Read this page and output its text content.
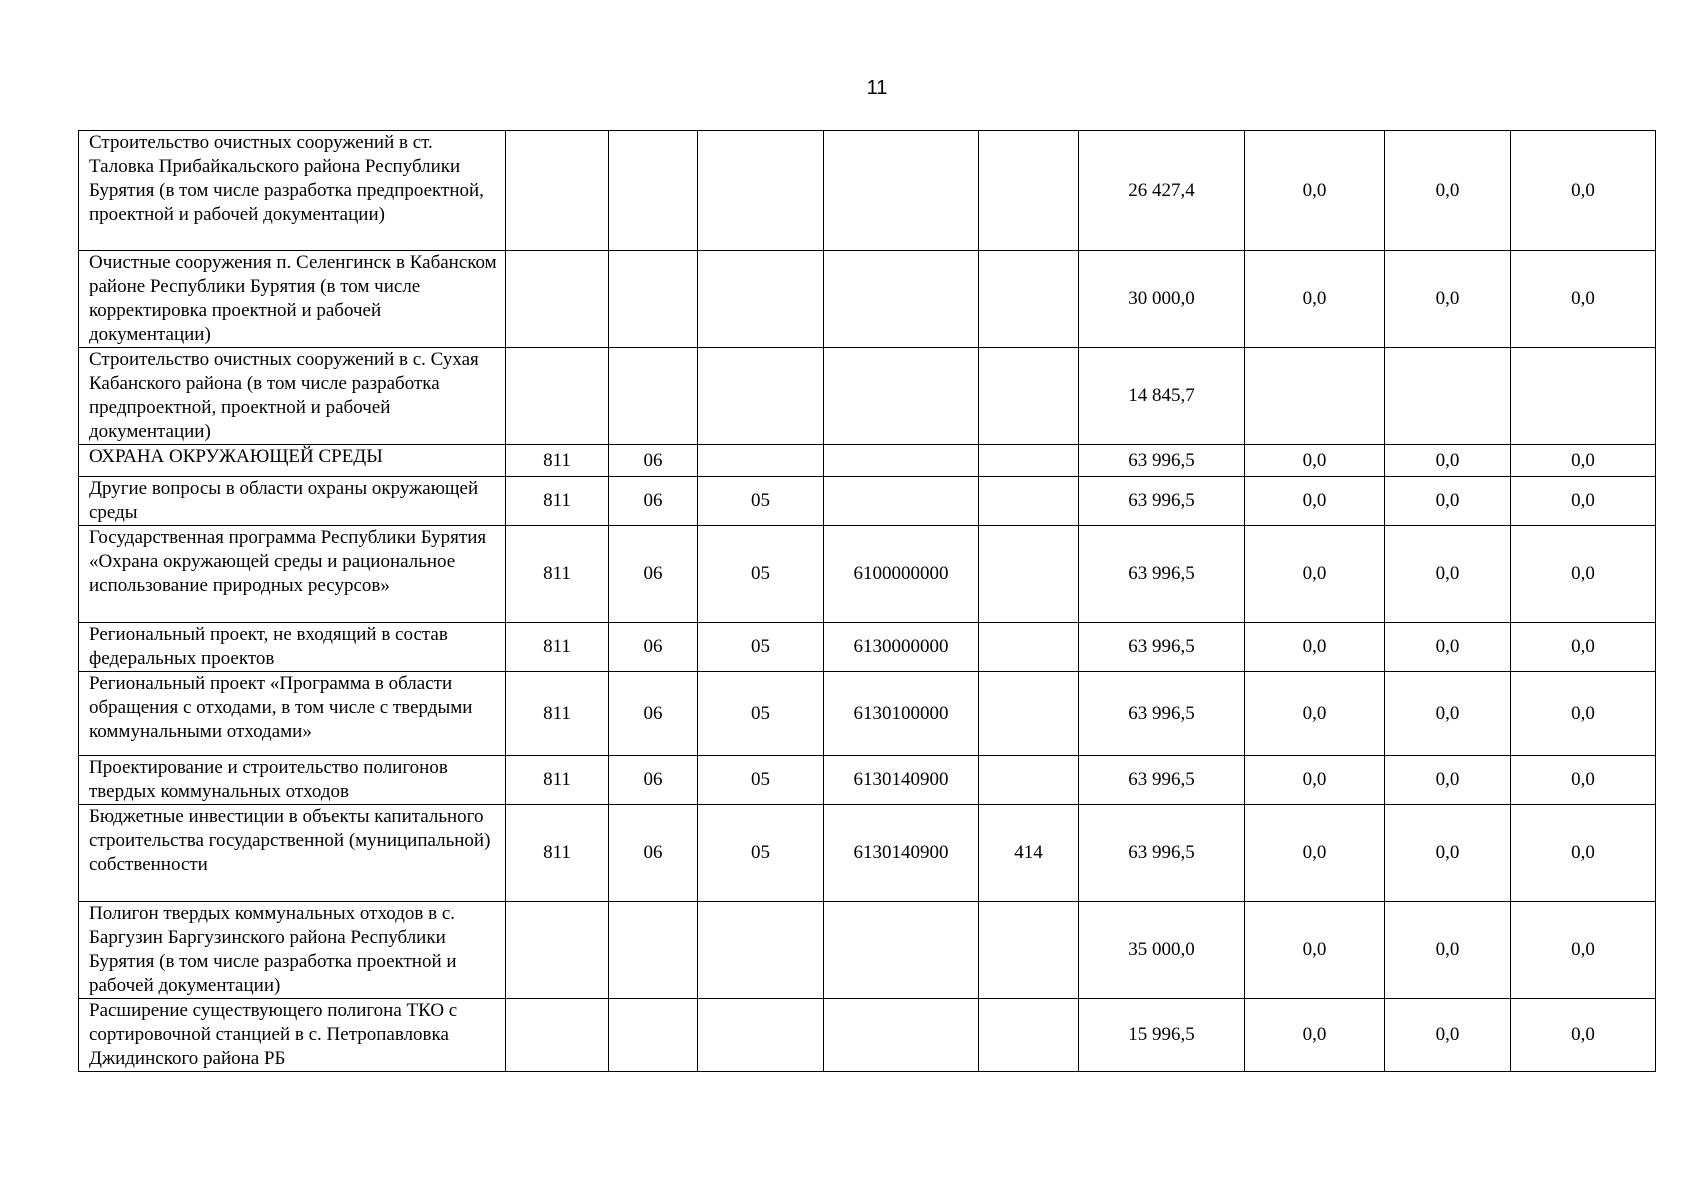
11
Строительство очистных сооружений в ст. Таловка Прибайкальского района Республики Бурятия (в том числе разработка предпроектной, проектной и рабочей документации)						26 427,4	0,0	0,0	0,0
Очистные сооружения п. Селенгинск в Кабанском районе Республики Бурятия (в том числе корректировка проектной и рабочей документации)						30 000,0	0,0	0,0	0,0
Строительство очистных сооружений в с. Сухая Кабанского района (в том числе разработка предпроектной, проектной и рабочей документации)						14 845,7			
ОХРАНА ОКРУЖАЮЩЕЙ СРЕДЫ	811	06				63 996,5	0,0	0,0	0,0
Другие вопросы в области охраны окружающей среды	811	06	05			63 996,5	0,0	0,0	0,0
Государственная программа Республики Бурятия «Охрана окружающей среды и рациональное использование природных ресурсов»	811	06	05	6100000000		63 996,5	0,0	0,0	0,0
Региональный проект, не входящий в состав федеральных проектов	811	06	05	6130000000		63 996,5	0,0	0,0	0,0
Региональный проект «Программа в области обращения с отходами, в том числе с твердыми коммунальными отходами»	811	06	05	6130100000		63 996,5	0,0	0,0	0,0
Проектирование и строительство полигонов твердых коммунальных отходов	811	06	05	6130140900		63 996,5	0,0	0,0	0,0
Бюджетные инвестиции в объекты капитального строительства государственной (муниципальной) собственности	811	06	05	6130140900	414	63 996,5	0,0	0,0	0,0
Полигон твердых коммунальных отходов в с. Баргузин Баргузинского района Республики Бурятия (в том числе разработка проектной и рабочей документации)						35 000,0	0,0	0,0	0,0
Расширение существующего полигона ТКО с сортировочной станцией в с. Петропавловка Джидинского района РБ						15 996,5	0,0	0,0	0,0
